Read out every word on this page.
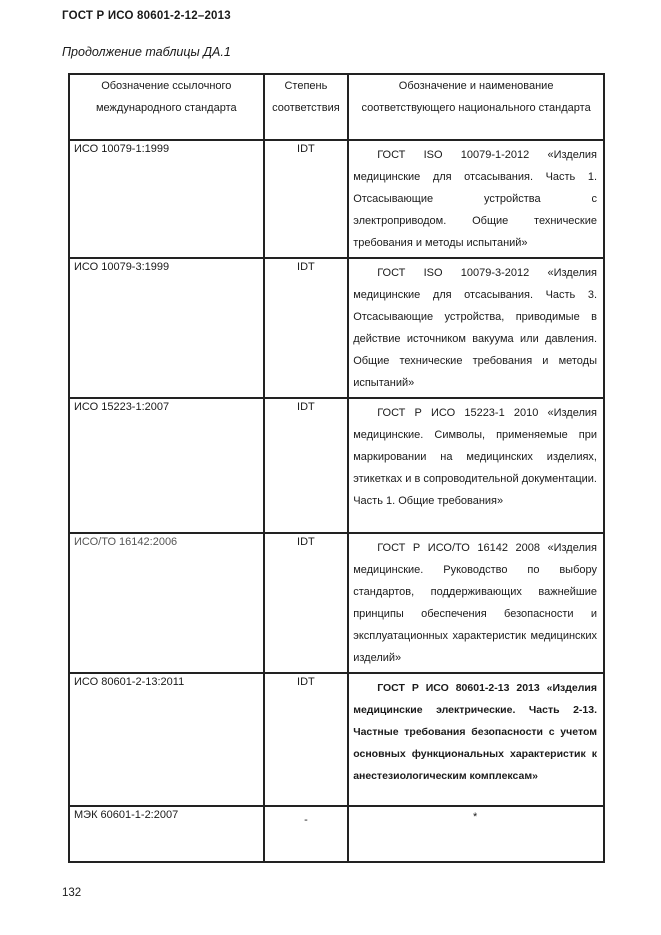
ГОСТ Р ИСО 80601-2-12–2013
Продолжение таблицы ДА.1
Обозначение ссылочного международного стандарта	Степень соответствия	Обозначение и наименование соответствующего национального стандарта
ИСО 10079-1:1999	IDT	ГОСТ ISO 10079-1-2012 «Изделия медицинские для отсасывания. Часть 1. Отсасывающие устройства с электроприводом. Общие технические требования и методы испытаний»
ИСО 10079-3:1999	IDT	ГОСТ ISO 10079-3-2012 «Изделия медицинские для отсасывания. Часть 3. Отсасывающие устройства, приводимые в действие источником вакуума или давления. Общие технические требования и методы испытаний»
ИСО 15223-1:2007	IDT	ГОСТ Р ИСО 15223-1 2010 «Изделия медицинские. Символы, применяемые при маркировании на медицинских изделиях, этикетках и в сопроводительной документации. Часть 1. Общие требования»
ИСО/ТО 16142:2006	IDT	ГОСТ Р ИСО/ТО 16142 2008 «Изделия медицинские. Руководство по выбору стандартов, поддерживающих важнейшие принципы обеспечения безопасности и эксплуатационных характеристик медицинских изделий»
ИСО 80601-2-13:2011	IDT	ГОСТ Р ИСО 80601-2-13 2013 «Изделия медицинские электрические. Часть 2-13. Частные требования безопасности с учетом основных функциональных характеристик к анестезиологическим комплексам»
МЭК 60601-1-2:2007	-	*
132
